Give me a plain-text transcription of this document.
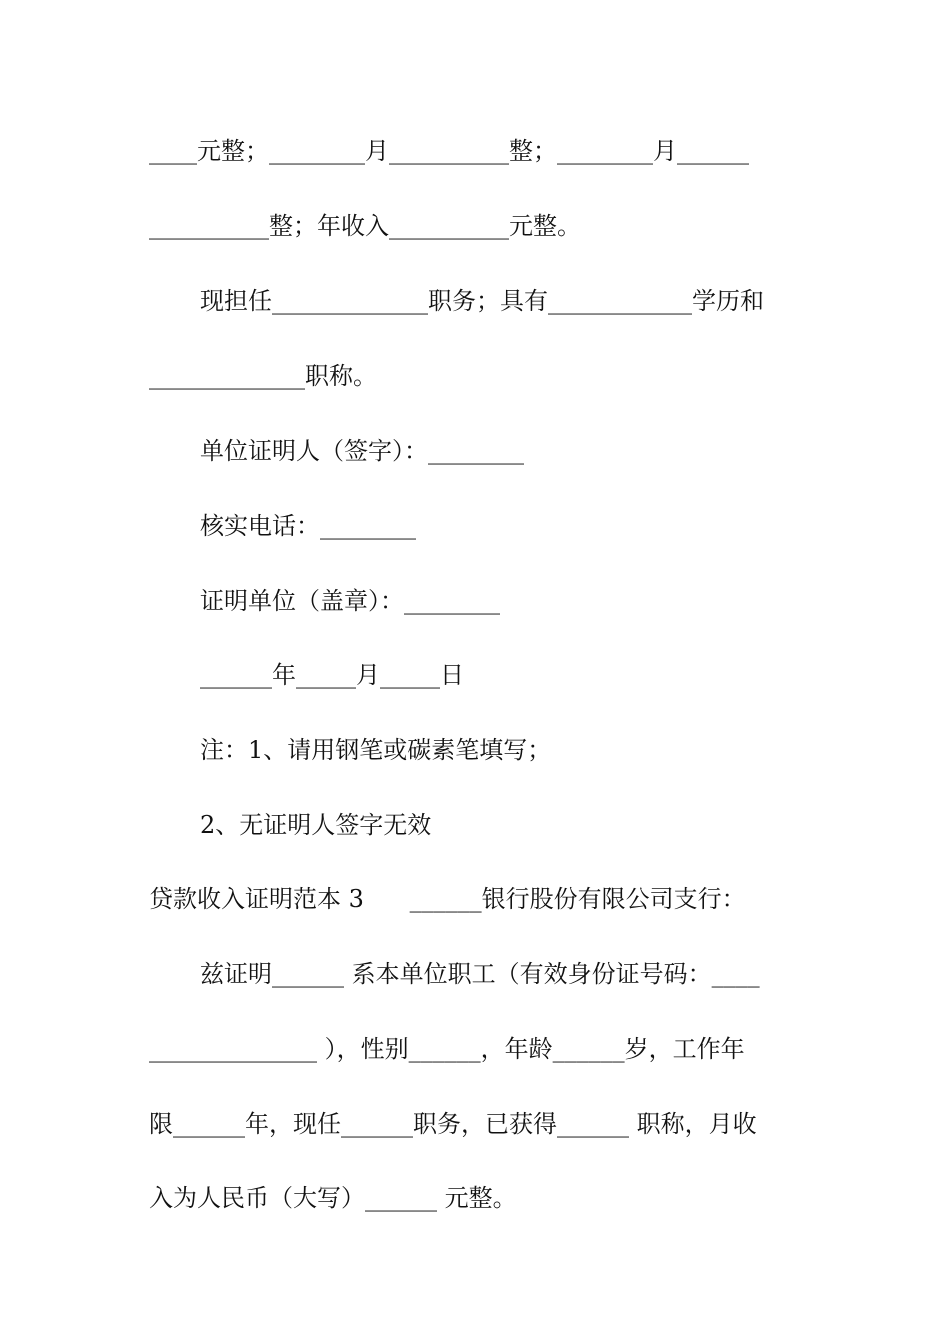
____元整；________月__________整；________月______
__________整；年收入__________元整。
现担任_____________职务；具有____________学历和
_____________职称。
单位证明人（签字）：________
核实电话：________
证明单位（盖章）：________
______年_____月_____日
注：1、请用钢笔或碳素笔填写；
2、无证明人签字无效
贷款收入证明范本 3      ______银行股份有限公司支行：
兹证明______ 系本单位职工（有效身份证号码：____
______________ ），性别______，年龄______岁，工作年
限______年，现任______职务，已获得______ 职称，月收
入为人民币（大写）______ 元整。
